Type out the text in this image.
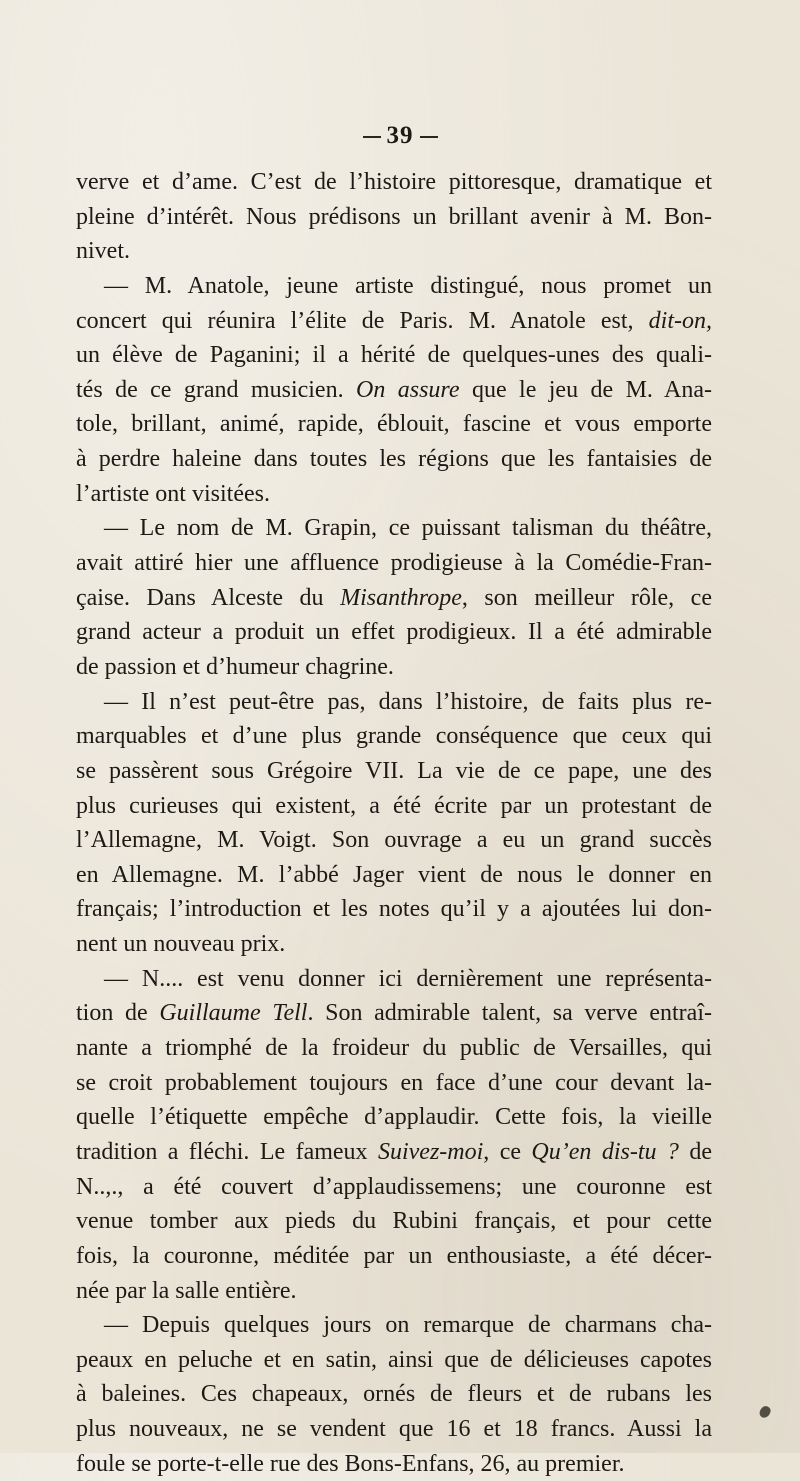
39
verve et d’ame. C’est de l’histoire pittoresque, dramatique et
pleine d’intérêt. Nous prédisons un brillant avenir à M. Bon-
nivet.
— M. Anatole, jeune artiste distingué, nous promet un
concert qui réunira l’élite de Paris. M. Anatole est, dit-on,
un élève de Paganini; il a hérité de quelques-unes des quali-
tés de ce grand musicien. On assure que le jeu de M. Ana-
tole, brillant, animé, rapide, éblouit, fascine et vous emporte
à perdre haleine dans toutes les régions que les fantaisies de
l’artiste ont visitées.
— Le nom de M. Grapin, ce puissant talisman du théâtre,
avait attiré hier une affluence prodigieuse à la Comédie-Fran-
çaise. Dans Alceste du Misanthrope, son meilleur rôle, ce
grand acteur a produit un effet prodigieux. Il a été admirable
de passion et d’humeur chagrine.
— Il n’est peut-être pas, dans l’histoire, de faits plus re-
marquables et d’une plus grande conséquence que ceux qui
se passèrent sous Grégoire VII. La vie de ce pape, une des
plus curieuses qui existent, a été écrite par un protestant de
l’Allemagne, M. Voigt. Son ouvrage a eu un grand succès
en Allemagne. M. l’abbé Jager vient de nous le donner en
français; l’introduction et les notes qu’il y a ajoutées lui don-
nent un nouveau prix.
— N.... est venu donner ici dernièrement une représenta-
tion de Guillaume Tell. Son admirable talent, sa verve entraî-
nante a triomphé de la froideur du public de Versailles, qui
se croit probablement toujours en face d’une cour devant la-
quelle l’étiquette empêche d’applaudir. Cette fois, la vieille
tradition a fléchi. Le fameux Suivez-moi, ce Qu’en dis-tu ? de
N..,., a été couvert d’applaudissemens; une couronne est
venue tomber aux pieds du Rubini français, et pour cette
fois, la couronne, méditée par un enthousiaste, a été décer-
née par la salle entière.
— Depuis quelques jours on remarque de charmans cha-
peaux en peluche et en satin, ainsi que de délicieuses capotes
à baleines. Ces chapeaux, ornés de fleurs et de rubans les
plus nouveaux, ne se vendent que 16 et 18 francs. Aussi la
foule se porte-t-elle rue des Bons-Enfans, 26, au premier.
